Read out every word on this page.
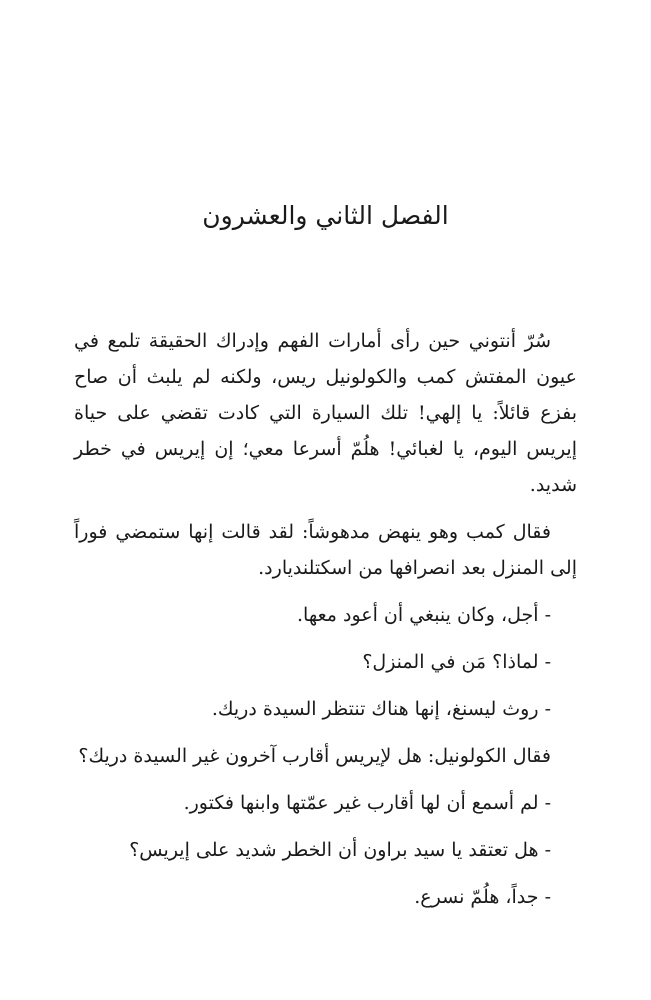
الفصل الثاني والعشرون

سُرّ أنتوني حين رأى أمارات الفهم وإدراك الحقيقة تلمع في عيون المفتش كمب والكولونيل ريس، ولكنه لم يلبث أن صاح بفزع قائلاً: يا إلهي! تلك السيارة التي كادت تقضي على حياة إيريس اليوم، يا لغبائي! هلُمّ أسرعا معي؛ إن إيريس في خطر شديد.

فقال كمب وهو ينهض مدهوشاً: لقد قالت إنها ستمضي فوراً إلى المنزل بعد انصرافها من اسكتلنديارد.

- أجل، وكان ينبغي أن أعود معها.

- لماذا؟ مَن في المنزل؟

- روث ليسنغ، إنها هناك تنتظر السيدة دريك.

فقال الكولونيل: هل لإيريس أقارب آخرون غير السيدة دريك؟

- لم أسمع أن لها أقارب غير عمّتها وابنها فكتور.

- هل تعتقد يا سيد براون أن الخطر شديد على إيريس؟

- جداً، هلُمّ نسرع.
